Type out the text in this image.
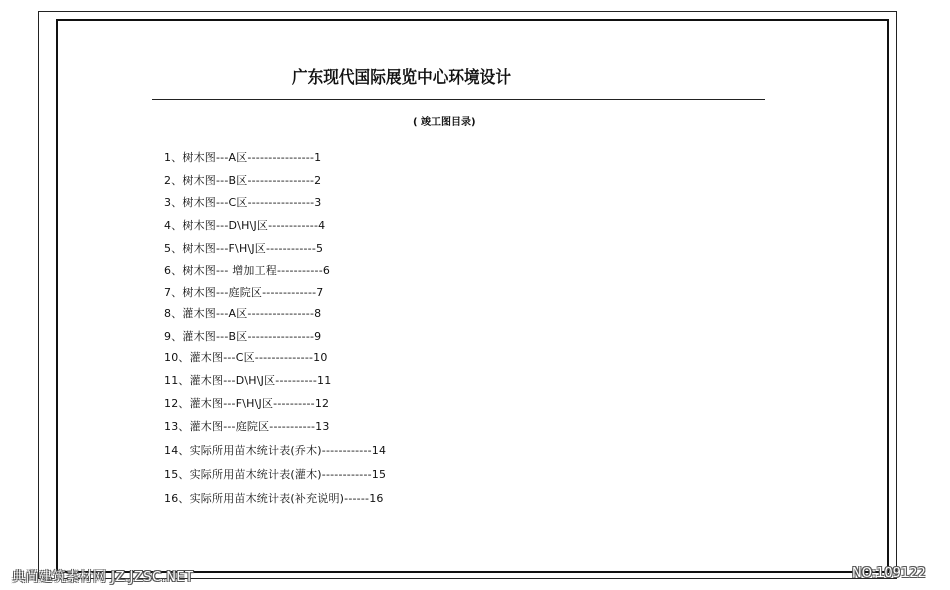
广东现代国际展览中心环境设计
( 竣工图目录)
1、树木图---A区----------------1
2、树木图---B区----------------2
3、树木图---C区----------------3
4、树木图---D\H\J区------------4
5、树木图---F\H\J区------------5
6、树木图--- 增加工程-----------6
7、树木图---庭院区-------------7
8、灌木图---A区----------------8
9、灌木图---B区----------------9
10、灌木图---C区--------------10
11、灌木图---D\H\J区----------11
12、灌木图---F\H\J区----------12
13、灌木图---庭院区-----------13
14、实际所用苗木统计表(乔木)------------14
15、实际所用苗木统计表(灌木)------------15
16、实际所用苗木统计表(补充说明)------16
典尚建筑素材网 JZ.JZSC.NET	NO:109122
